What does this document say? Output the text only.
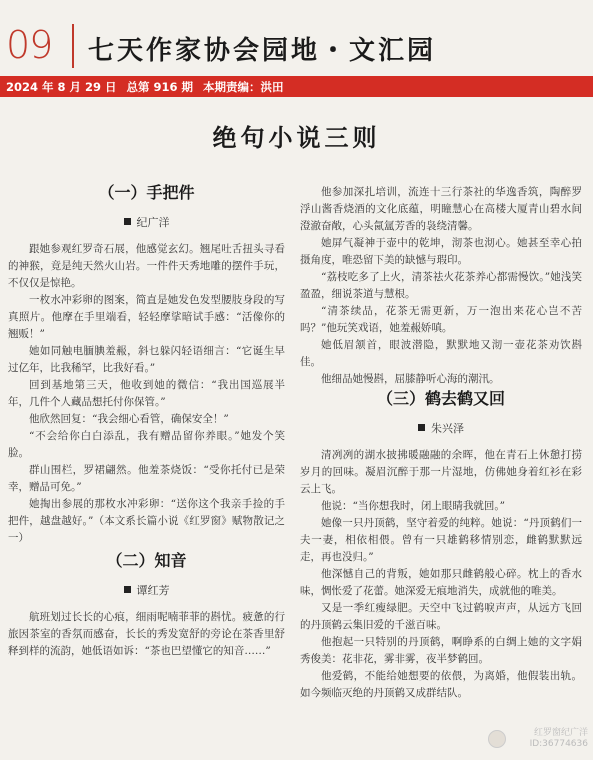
09 七天作家协会园地・文汇园
2024 年 8 月 29 日 总第 916 期 本期责编：洪田
绝句小说三则
（一）手把件
纪广洋

跟她参观红罗奇石展，他感觉玄幻。翘尾吐舌扭头寻看的神猴，竟是纯天然火山岩。一件件天秀地雕的摆件手玩，不仅仅是惊艳。

一枚水冲彩卵的图案，简直是她发色发型腰肢身段的写真照片。他摩在手里端看，轻轻摩挲暗试手感：“活像你的翘贩！”

她如同触电腼腆羞赧，斜乜躲闪轻语细言：“它诞生早过亿年，比我稀罕，比我好看。”

回到基地第三天，他收到她的微信：“我出国巡展半年，几件个人藏品想托付你保管。”

他欣然回复：“我会细心看管，确保安全！”

“不会给你白白添乱，我有赠品留你养眼。”她发个笑脸。

群山围栏，罗裙翩然。他羞茶烧饭：“受你托付已是荣幸，赠品可免。”

她掏出参展的那枚水冲彩卵：“送你这个我亲手捡的手把件，越盘越好。”（本文系长篇小说《红罗窗》赋物散记之一）

（二）知音
谭红芳

航班划过长长的心痕，细雨呢喃菲菲的斟忧。疲惫的行旅因茶室的香氛而感奋，长长的秀发宽舒的旁论在茶香里舒释到样的流韵，她低语如诉：“茶也巴望懂它的知音……”

他参加深扎培训，流连十三行茶社的华逸香筑，陶醉罗浮山酱香烧酒的文化底蕴，明瞳慧心在高楼大厦青山碧水间澄澈奋敞，心头氤氲芳香的袅绕清馨。

她屏气凝神于壶中的乾坤，沏茶也沏心。她甚至幸心拍摄角度，唯恐留下美的缺憾与瑕印。

“荔枝吃多了上火，清茶祛火花茶养心都需慢饮。”她浅笑盈盈，细说茶道与慧根。

“清茶续品，花茶无需更新，万一泡出来花心岂不苦吗？”他玩笑戏语，她羞赧娇嗔。

她低眉颔首，眼波潜隐，默默地又沏一壶花茶劝饮斟佳。

他细品她慢斟，屈膝静听心海的潮汛。

（三）鹤去鹤又回
朱兴泽

清冽冽的湖水披拂暖融融的余晖，他在青石上休憩打捞岁月的回味。凝眉沉醉于那一片湿地，仿佛她身着红衫在彩云上飞。

他说：“当你想我时，闭上眼睛我就回。”

她像一只丹顶鹤，坚守着爱的纯粹。她说：“丹顶鹤们一夫一妻，相依相偎。曾有一只雄鹤移情别恋，雌鹤默默远走，再也没归。”

他深憾自己的背叛，她如那只雌鹤般心碎。枕上的香水味，惆怅爱了花蕾。她深爱无痕地消失，成就他的唯美。

又是一季红瘦绿肥。天空中飞过鹤唳声声，从远方飞回的丹顶鹤云集旧爱的千滋百味。

他抱起一只特别的丹顶鹤，啊睁系的白绸上她的文字娟秀俊美：花非花，雾非雾，夜半梦鹤回。

他爱鹤，不能给她想要的依偎，为离婚，他假装出轨。如今频临灭绝的丹顶鹤又成群结队。

红罗窗纪广洋
ID:36774636
